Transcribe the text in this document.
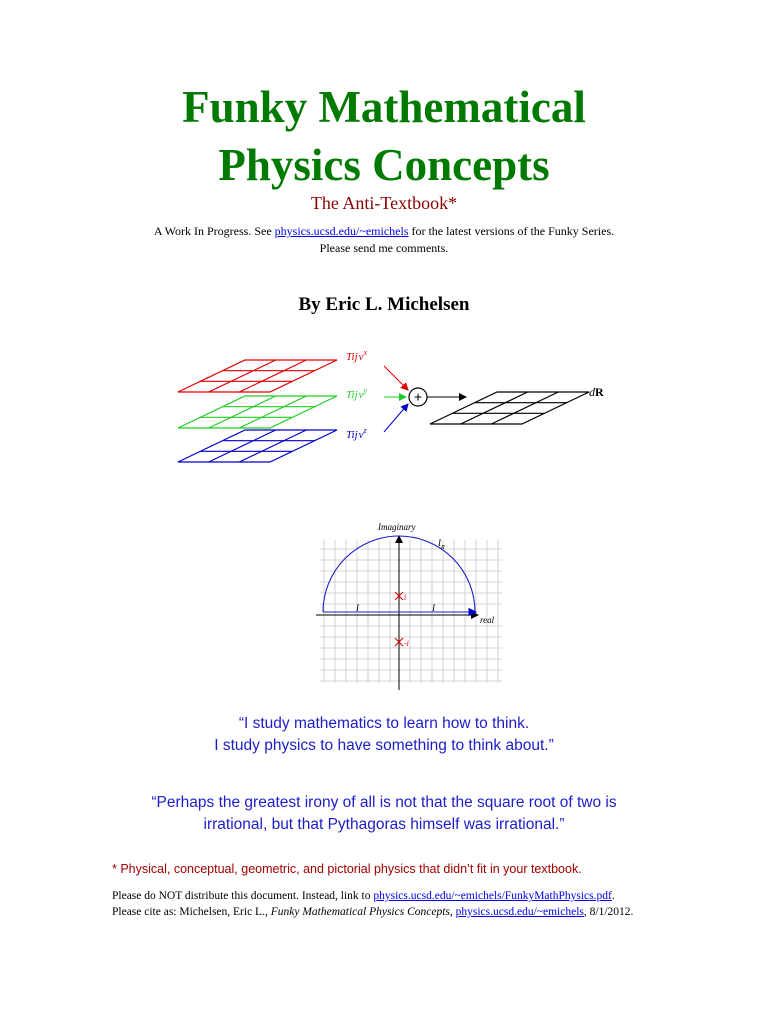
Funky Mathematical
Physics Concepts
The Anti-Textbook*
A Work In Progress. See physics.ucsd.edu/~emichels for the latest versions of the Funky Series.
Please send me comments.
By Eric L. Michelsen
Tijv$^x$
Tijv$^y$
Tijv$^z$
+	dR
Imaginary
real
$I_R$
I	I
i
-i
“I study mathematics to learn how to think.
I study physics to have something to think about.”
“Perhaps the greatest irony of all is not that the square root of two is
irrational, but that Pythagoras himself was irrational.”
* Physical, conceptual, geometric, and pictorial physics that didn’t fit in your textbook.
Please do NOT distribute this document. Instead, link to physics.ucsd.edu/~emichels/FunkyMathPhysics.pdf.
Please cite as: Michelsen, Eric L., Funky Mathematical Physics Concepts, physics.ucsd.edu/~emichels, 8/1/2012.
